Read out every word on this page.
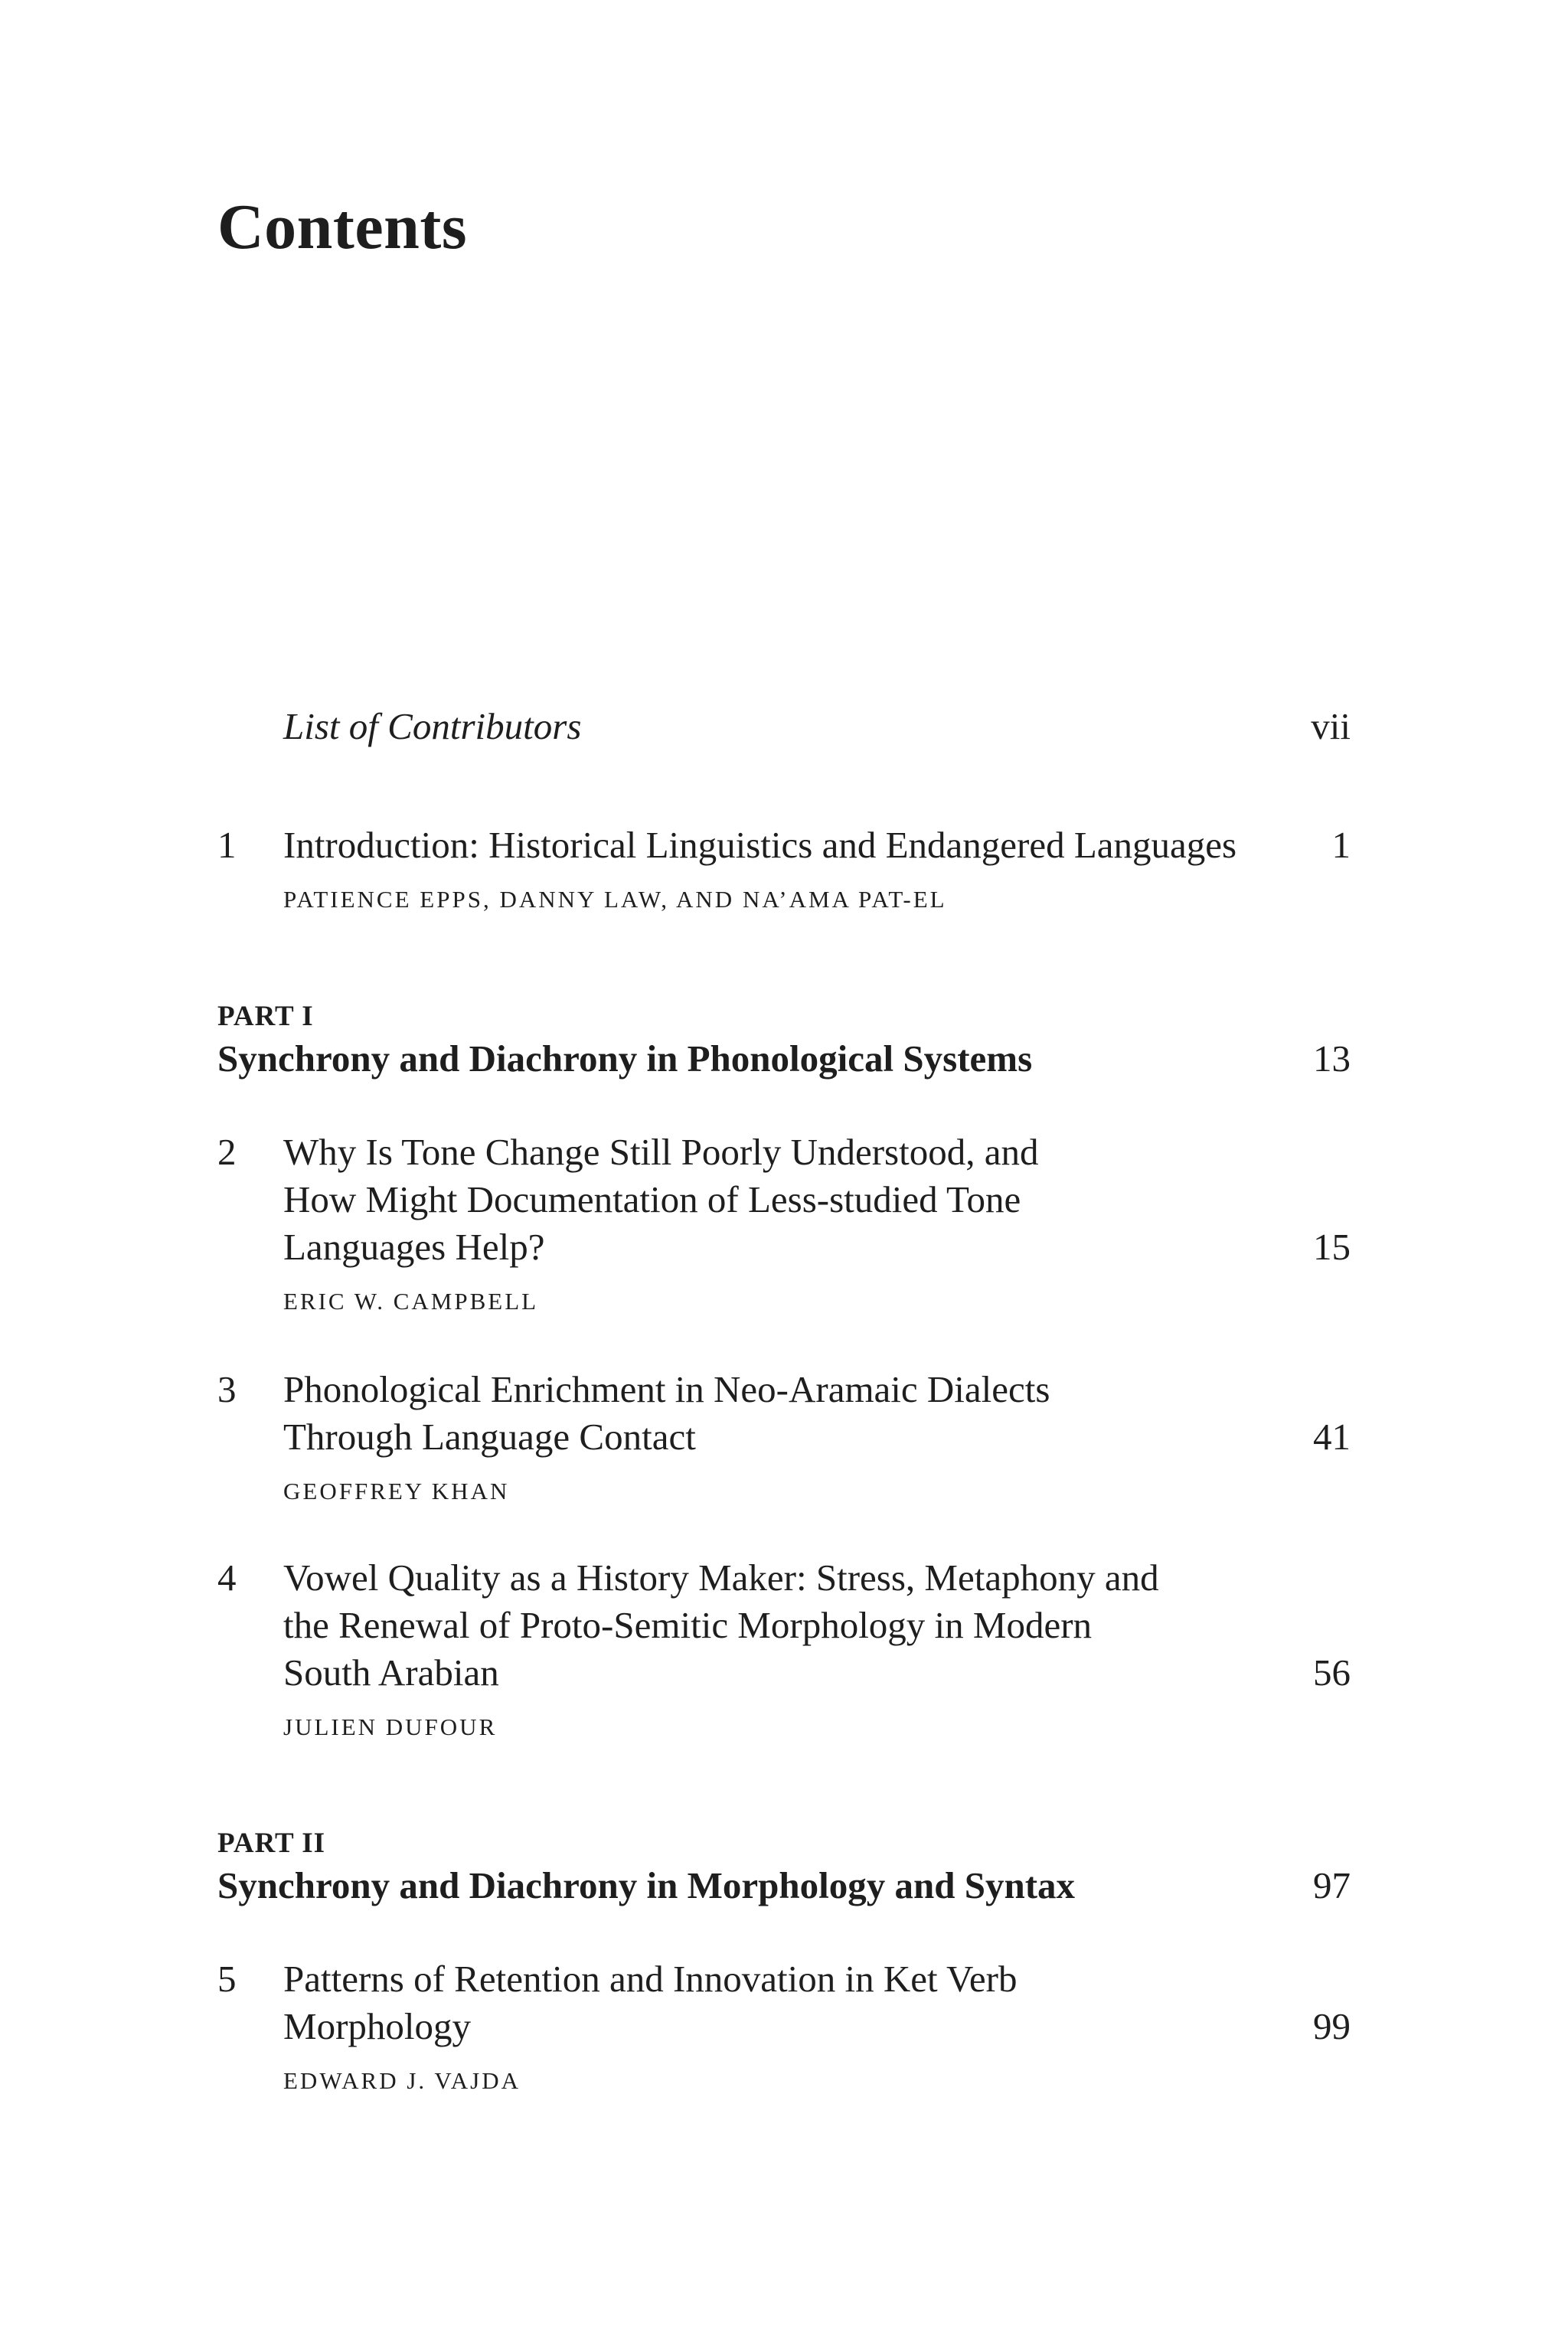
Contents
List of Contributors	vii
1 Introduction: Historical Linguistics and Endangered Languages	1
PATIENCE EPPS, DANNY LAW, AND NA’AMA PAT-EL
PART I
Synchrony and Diachrony in Phonological Systems	13
2 Why Is Tone Change Still Poorly Understood, and
How Might Documentation of Less-studied Tone
Languages Help?	15
ERIC W. CAMPBELL
3 Phonological Enrichment in Neo-Aramaic Dialects
Through Language Contact	41
GEOFFREY KHAN
4 Vowel Quality as a History Maker: Stress, Metaphony and
the Renewal of Proto-Semitic Morphology in Modern
South Arabian	56
JULIEN DUFOUR
PART II
Synchrony and Diachrony in Morphology and Syntax	97
5 Patterns of Retention and Innovation in Ket Verb
Morphology	99
EDWARD J. VAJDA
